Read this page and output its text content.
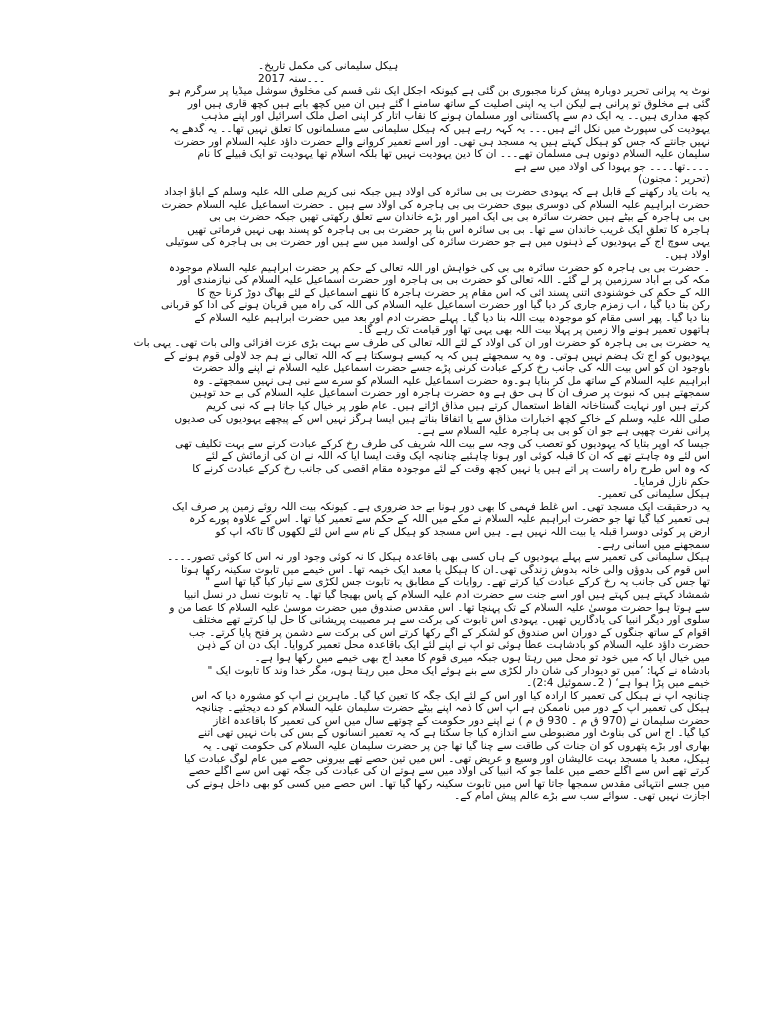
ہیکل سلیمانی کی مکمل تاریخ۔

۔۔۔سنہ 2017

نوٹ یہ پرانی تحریر دوبارہ پیش کرنا مجبوری بن گئی ہے کیونکہ آجکل ایک نئی قسم کی مخلوق سوشل میڈیا پر سرگرم ہو

گئی ہے مخلوق تو پرانی ہے لیکن اب یہ اپنی اصلیت کے ساتھ سامنے آ گئے ہیں ان میں کچھ بابے ہیں کچھ قاری ہیں اور

کچھ مداری ہیں۔۔ یہ ایک دم سے پاکستانی اور مسلمان ہونے کا نقاب اتار کر اپنی اصل ملک اسرائیل اور اپنے مذہب

یہودیت کی سپورٹ میں نکل آئے ہیں۔۔۔ یہ کہہ رہے ہیں کہ ہیکل سلیمانی سے مسلمانوں کا تعلق نہیں تھا۔۔ یہ گدھے یہ

نہیں جانتے کہ جس کو ہیکل کہتے ہیں یہ مسجد ہی تھی۔ اور اسے تعمیر کروانے والے حضرت داؤد علیہ السلام اور حضرت

سلیمان علیہ السلام دونوں ہی مسلمان تھے۔۔۔ ان کا دین یہودیت نہیں تھا بلکہ اسلام تھا یہودیت تو ایک قبیلے کا نام

۔۔۔۔تھا۔۔۔۔ جو یہودا کی اولاد میں سے ہے

(تحریر : مجنون)

یہ بات یاد رکھنے کے قابل ہے کہ یہودی حضرت بی بی سائرہ کی اولاد ہیں جبکہ نبی کریم صلی اللہ علیہ وسلم کے آباؤ اجداد

حضرت ابراہیم علیہ السلام کی دوسری بیوی حضرت بی بی ہاجرہ کی اولاد سے ہیں ۔ حضرت اسماعیل علیہ السلام حضرت

بی بی ہاجرہ کے بیٹے ہیں حضرت سائرہ بی بی ایک امیر اور بڑے خاندان سے تعلق رکھتی تھیں جبکہ حضرت بی بی

ہاجرہ کا تعلق ایک غریب خاندان سے تھا۔ بی بی سائرہ اس بنا پر حضرت بی بی ہاجرہ کو پسند بھی نہیں فرماتی تھیں

یہی سوچ آج کے یہودیوں کے ذہنوں میں ہے جو حضرت سائرہ کی اولسد میں سے ہیں اور حضرت بی بی ہاجرہ کی سوتیلی

اولاد ہیں۔

۔ حضرت بی بی ہاجرہ کو حضرت سائرہ بی بی کی خواہش اور اللہ تعالی کے حکم پر حضرت ابراہیم علیہ السلام موجودہ

مکہ کی بے آباد سرزمین پر لے گئے۔ اللہ تعالی کو حضرت بی بی ہاجرہ اور حضرت اسماعیل علیہ السلام کی نیازمندی اور

اللہ کے حکم کی خوشنودی اتنی پسند آئی کہ اس مقام پر حضرت ہاجرہ کا ننھے اسماعیل کے لئے بھاگ دوڑ کرنا حج کا

رکن بنا دیا گیا ، آب زمزم جاری کر دیا گیا اور حضرت اسماعیل علیہ السلام کی اللہ کی راہ میں قربان ہونے کی ادا کو قربانی

بنا دیا گیا۔ پھر اسی مقام کو موجودہ بیت اللہ بنا دیا گیا۔ پہلے حضرت آدم اور بعد میں حضرت ابراہیم علیہ السلام کے

ہاتھوں تعمیر ہونے والا زمین پر پہلا بیت اللہ بھی یہی تھا اور قیامت تک رہے گا۔

یہ حضرت بی بی ہاجرہ کو حضرت اور ان کی اولاد کے لئے اللہ تعالی کی طرف سے بہت بڑی عزت افزائی والی بات تھی۔ یہی بات

یہودیوں کو آج تک ہضم نہیں ہوتی۔ وہ یہ سمجھتے ہیں کہ یہ کیسے ہوسکتا ہے کہ اللہ تعالی نے ہم جد لاولی قوم ہونے کے

باوجود ان کو اس بیت اللہ کی جانب رخ کرکے عبادت کرنی پڑے جسے حضرت اسماعیل علیہ السلام نے اپنے والد حضرت

ابراہیم علیہ السلام کے ساتھ مل کر بنایا ہو۔وہ حضرت اسماعیل علیہ السلام کو سرے سے نبی ہی نہیں سمجھتے۔ وہ

سمجھتے ہیں کہ نبوت پر صرف ان کا ہی حق ہے وہ حضرت ہاجرہ اور حضرت اسماعیل علیہ السلام کی بے حد توہین

کرتے ہیں اور نہایت گستاخانہ الفاظ استعمال کرتے ہیں مذاق اڑاتے ہیں۔ عام طور پر خیال کیا جاتا ہے کہ نبی کریم

صلی اللہ علیہ وسلم کے خاکے کچھ اخبارات مذاق سے یا اتفاقاً بناتے ہیں ایسا ہرگز نہیں اس کے پیچھے یہودیوں کی صدیوں

پرانی نفرت چھپی ہے جو ان کو بی بی ہاجرہ علیہ السلام سے ہے۔

جیسا کہ اوپر بتایا کہ یہودیوں کو تعصب کی وجہ سے بیت اللہ شریف کی طرف رخ کرکے عبادت کرنے سے بہت تکلیف تھی

اس لئے وہ چاہتے تھے کہ ان کا قبلہ کوئی اور ہونا چاہئیے چنانچہ ایک وقت ایسا آیا کہ اللہ نے ان کی آزمائش کے لئے

کہ وہ اس طرح راہ راست پر آتے ہیں یا نہیں کچھ وقت کے لئے موجودہ مقام اقصی کی جانب رخ کرکے عبادت کرنے کا

حکم نازل فرمایا۔

ہیکل سلیمانی کی تعمیر۔

یہ درحقیقت ایک مسجد تھی۔ اس غلط فہمی کا بھی دور ہونا بے حد ضروری ہے۔ کیونکہ بیت اللہ روئے زمین پر صرف ایک

ہی تعمیر کیا گیا تھا جو حضرت ابراہیم علیہ السلام نے مکے میں اللہ کے حکم سے تعمیر کیا تھا۔ اس کے علاوہ پورے کرہ

ارض پر کوئی دوسرا قبلہ یا بیت اللہ نہیں ہے۔ ہیں اس مسجد کو ہیکل کے نام سے اس لئے لکھوں گا تاکہ آپ کو

سمجھنے میں آسانی رہے۔

ہیکل سلیمانی کی تعمیر سے پہلے یہودیوں کے ہاں کسی بھی باقاعدہ ہیکل کا نہ کوئی وجود اور نہ اس کا کوئی تصور۔۔۔۔

اس قوم کی بدوؤں والی خانہ بدوش زندگی تھی۔ان کا ہیکل یا معبد ایک خیمہ تھا۔ اس خیمے میں تابوت سکینہ رکھا ہوتا

تھا جس کی جانب یہ رخ کرکے عبادت کیا کرتے تھے۔ روایات کے مطابق یہ تابوت جس لکڑی سے تیار کیا گیا تھا اسے "

شمشاد کہتے ہیں کہتے ہیں اور اسے جنت سے حضرت آدم علیہ السلام کے پاس بھیجا گیا تھا۔ یہ تابوت نسل در نسل انبیا

سے ہوتا ہوا حضرت موسیٰ علیہ السلام کے تک پہنچا تھا۔ اس مقدس صندوق میں حضرت موسیٰ علیہ السلام کا عصا من و

سلوی اور دیگر انبیا کی یادگاریں تھیں۔ یہودی اس تابوت کی برکت سے ہر مصیبت پریشانی کا حل لیا کرتے تھے مختلف

اقوام کے ساتھ جنگوں کے دوران اس صندوق کو لشکر کے آگے رکھا کرتے اس کی برکت سے دشمن پر فتح پایا کرتے۔ جب

حضرت داؤد علیہ السلام کو بادشاہت عطا ہوئی تو آپ نے اپنے لئے ایک باقاعدہ محل تعمیر کروایا۔ ایک دن ان کے ذہن

میں خیال آیا کہ میں خود تو محل میں رہتا ہوں جبکہ میری قوم کا معبد آج بھی خیمے میں رکھا ہوا ہے۔

بادشاہ نے کہا: ’میں تو دیودار کی شان دار لکڑی سے بنے ہوئے ایک محل میں رہتا ہوں، مگر خدا وند کا تابوت ایک "

خیمے میں پڑا ہوا ہے‘ ( 2۔سموئیل 2:4)۔

چنانچہ آپ نے ہیکل کی تعمیر کا ارادہ کیا اور اس کے لئے ایک جگہ کا تعین کیا گیا۔ ماہرین نے آپ کو مشورہ دیا کہ اس

ہیکل کی تعمیر آپ کے دور میں ناممکن ہے اپ اس کا ذمہ اپنے بیٹے حضرت سلیمان علیہ السلام کو دے دیجئیے۔ چنانچہ

حضرت سلیمان نے (970 ق م ۔ 930 ق م ) نے اپنے دور حکومت کے چوتھے سال میں اس کی تعمیر کا باقاعدہ آغاز

کیا گیا۔ آج اس کی بناوٹ اور مضبوطی سے اندازہ کیا جا سکتا ہے کہ یہ تعمیر انسانوں کے بس کی بات نہیں تھی اتنے

بھاری اور بڑے پتھروں کو ان جنات کی طاقت سے چنا گیا تھا جن پر حضرت سلیمان علیہ السلام کی حکومت تھی۔ یہ

ہیکل، معبد یا مسجد بہت عالیشان اور وسیع و عریض تھی۔ اس میں تین حصے تھے بیرونی حصے میں عام لوگ عبادت کیا

کرتے تھے اس سے اگلے حصے میں علما جو کہ انبیا کی اولاد میں سے ہوتے ان کی عبادت کی جگہ تھی اس سے اگلے حصے

میں جسے انتہائی مقدس سمجھا جاتا تھا اس میں تابوت سکینہ رکھا گیا تھا۔ اس حصے میں کسی کو بھی داخل ہونے کی

اجازت نہیں تھی۔ سوائے سب سے بڑے عالم پیش امام کے۔
